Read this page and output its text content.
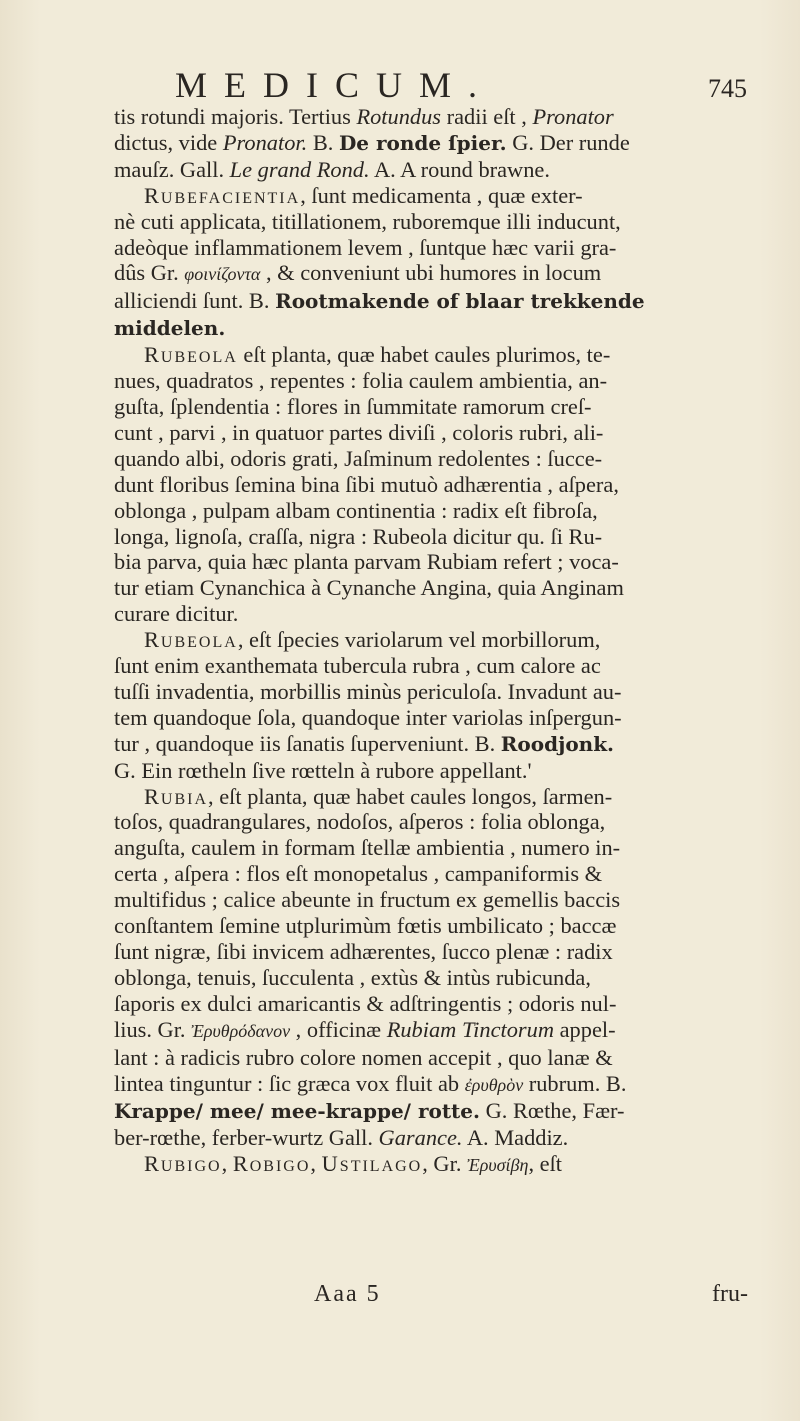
MEDICUM.	745
tis rotundi majoris. Tertius Rotundus radii eſt , Pronator
dictus, vide Pronator. B. De ronde ſpier. G. Der runde
mauſz. Gall. Le grand Rond. A. A round brawne.
Rubefacientia, ſunt medicamenta , quæ exter-
nè cuti applicata, titillationem, ruboremque illi inducunt,
adeòque inflammationem levem , ſuntque hæc varii gra-
dûs Gr. φοινίζοντα , & conveniunt ubi humores in locum
alliciendi ſunt. B. Rootmakende of blaar trekkende
middelen.
Rubeola eſt planta, quæ habet caules plurimos, te-
nues, quadratos , repentes : folia caulem ambientia, an-
guſta, ſplendentia : flores in ſummitate ramorum creſ-
cunt , parvi , in quatuor partes diviſi , coloris rubri, ali-
quando albi, odoris grati, Jaſminum redolentes : ſucce-
dunt floribus ſemina bina ſibi mutuò adhærentia , aſpera,
oblonga , pulpam albam continentia : radix eſt fibroſa,
longa, lignoſa, craſſa, nigra : Rubeola dicitur qu. ſi Ru-
bia parva, quia hæc planta parvam Rubiam refert ; voca-
tur etiam Cynanchica à Cynanche Angina, quia Anginam
curare dicitur.
Rubeola, eſt ſpecies variolarum vel morbillorum,
ſunt enim exanthemata tubercula rubra , cum calore ac
tuſſi invadentia, morbillis minùs periculoſa. Invadunt au-
tem quandoque ſola, quandoque inter variolas inſpergun-
tur , quandoque iis ſanatis ſuperveniunt. B. Roodjonk.
G. Ein rœtheln ſive rœtteln à rubore appellant.'
Rubia, eſt planta, quæ habet caules longos, ſarmen-
toſos, quadrangulares, nodoſos, aſperos : folia oblonga,
anguſta, caulem in formam ſtellæ ambientia , numero in-
certa , aſpera : flos eſt monopetalus , campaniformis &
multifidus ; calice abeunte in fructum ex gemellis baccis
conſtantem ſemine utplurimùm fœtis umbilicato ; baccæ
ſunt nigræ, ſibi invicem adhærentes, ſucco plenæ : radix
oblonga, tenuis, ſucculenta , extùs & intùs rubicunda,
ſaporis ex dulci amaricantis & adſtringentis ; odoris nul-
lius. Gr. Ἐρυθρόδανον , officinæ Rubiam Tinctorum appel-
lant : à radicis rubro colore nomen accepit , quo lanæ &
lintea tinguntur : ſic græca vox fluit ab ἐρυθρὸν rubrum. B.
Krappe/ mee/ mee-krappe/ rotte. G. Rœthe, Fær-
ber-rœthe, ferber-wurtz Gall. Garance. A. Maddiz.
Rubigo, Robigo, Ustilago, Gr. Ἐρυσίβη, eſt
Aaa 5	fru-
